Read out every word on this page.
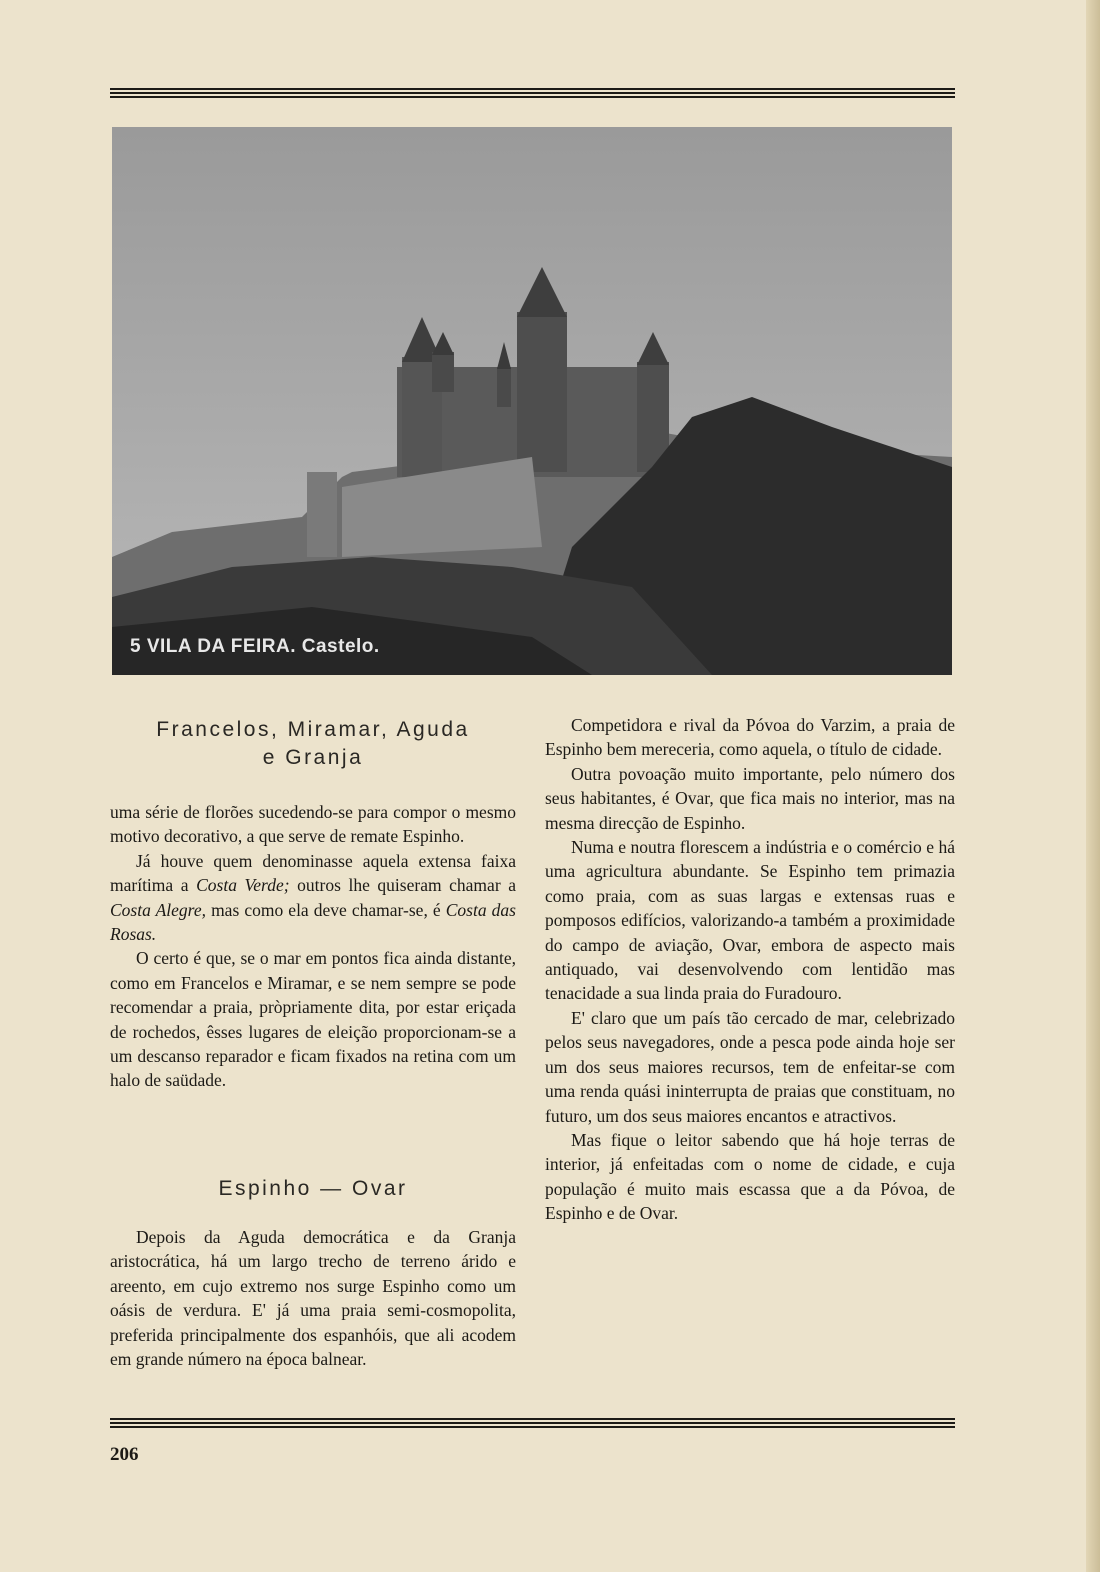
5 VILA DA FEIRA. Castelo.
Francelos, Miramar, Aguda
e Granja

uma série de florões sucedendo-se para compor o mesmo motivo decorativo, a que serve de remate Espinho.

Já houve quem denominasse aquela extensa faixa marítima a Costa Verde; outros lhe quiseram chamar a Costa Alegre, mas como ela deve chamar-se, é Costa das Rosas.

O certo é que, se o mar em pontos fica ainda distante, como em Francelos e Miramar, e se nem sempre se pode recomendar a praia, pròpriamente dita, por estar eriçada de rochedos, êsses lugares de eleição proporcionam-se a um descanso reparador e ficam fixados na retina com um halo de saüdade.

Espinho — Ovar

Depois da Aguda democrática e da Granja aristocrática, há um largo trecho de terreno árido e areento, em cujo extremo nos surge Espinho como um oásis de verdura. E' já uma praia semi-cosmopolita, preferida principalmente dos espanhóis, que ali acodem em grande número na época balnear.

Competidora e rival da Póvoa do Varzim, a praia de Espinho bem mereceria, como aquela, o título de cidade.

Outra povoação muito importante, pelo número dos seus habitantes, é Ovar, que fica mais no interior, mas na mesma direcção de Espinho.

Numa e noutra florescem a indústria e o comércio e há uma agricultura abundante. Se Espinho tem primazia como praia, com as suas largas e extensas ruas e pomposos edifícios, valorizando-a também a proximidade do campo de aviação, Ovar, embora de aspecto mais antiquado, vai desenvolvendo com lentidão mas tenacidade a sua linda praia do Furadouro.

E' claro que um país tão cercado de mar, celebrizado pelos seus navegadores, onde a pesca pode ainda hoje ser um dos seus maiores recursos, tem de enfeitar-se com uma renda quási ininterrupta de praias que constituam, no futuro, um dos seus maiores encantos e atractivos.

Mas fique o leitor sabendo que há hoje terras de interior, já enfeitadas com o nome de cidade, e cuja população é muito mais escassa que a da Póvoa, de Espinho e de Ovar.

206
